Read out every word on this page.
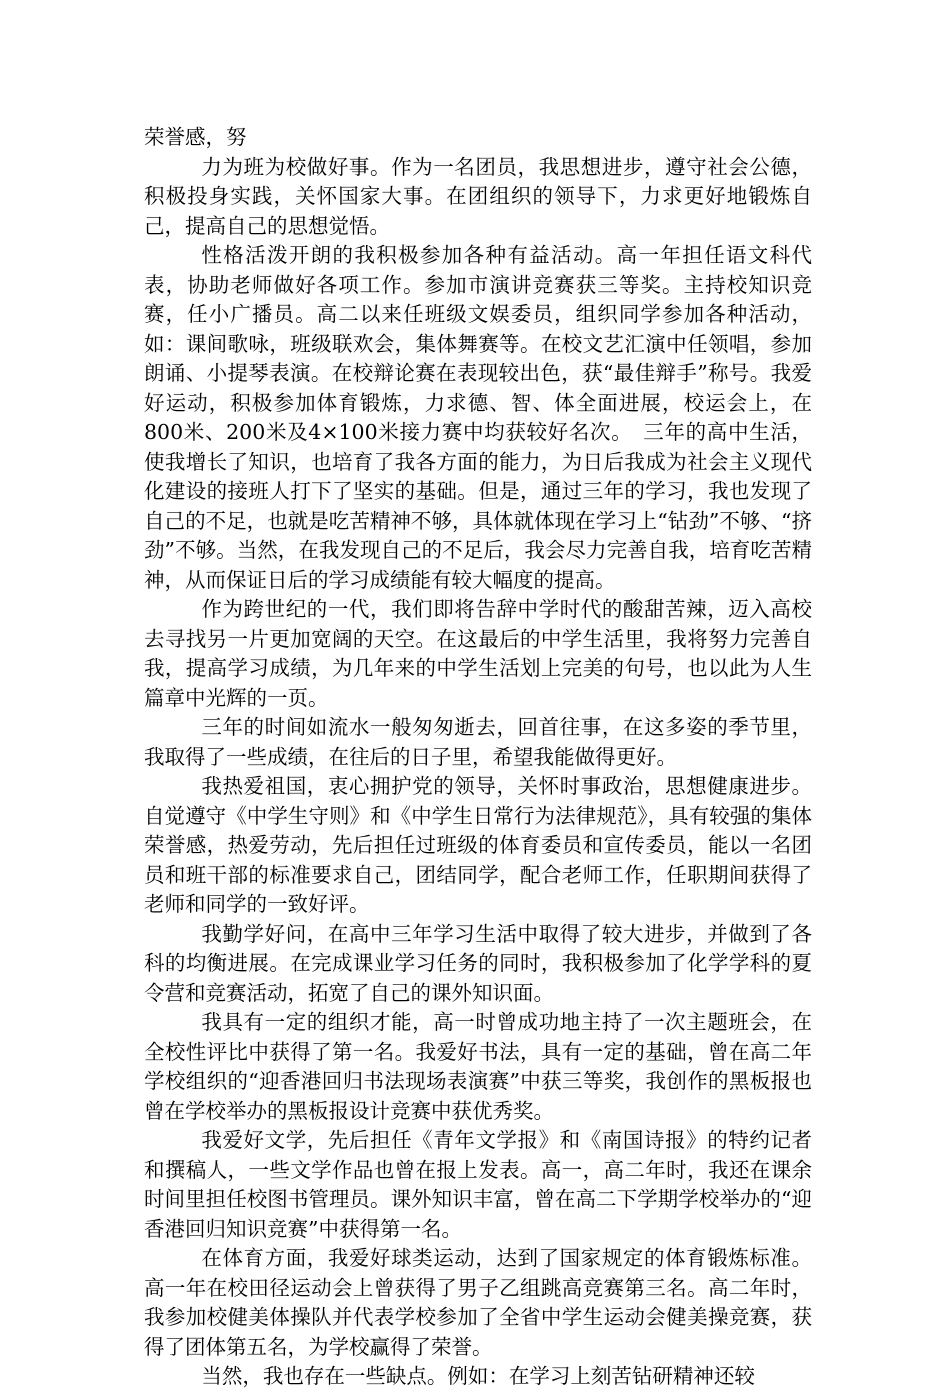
荣誉感，努

力为班为校做好事。作为一名团员，我思想进步，遵守社会公德，积极投身实践，关怀国家大事。在团组织的领导下，力求更好地锻炼自己，提高自己的思想觉悟。

性格活泼开朗的我积极参加各种有益活动。高一年担任语文科代表，协助老师做好各项工作。参加市演讲竞赛获三等奖。主持校知识竞赛，任小广播员。高二以来任班级文娱委员，组织同学参加各种活动，如：课间歌咏，班级联欢会，集体舞赛等。在校文艺汇演中任领唱，参加朗诵、小提琴表演。在校辩论赛在表现较出色，获“最佳辩手”称号。我爱好运动，积极参加体育锻炼，力求德、智、体全面进展，校运会上，在800米、200米及4×100米接力赛中均获较好名次。　三年的高中生活，使我增长了知识，也培育了我各方面的能力，为日后我成为社会主义现代化建设的接班人打下了坚实的基础。但是，通过三年的学习，我也发现了自己的不足，也就是吃苦精神不够，具体就体现在学习上“钻劲”不够、“挤劲”不够。当然，在我发现自己的不足后，我会尽力完善自我，培育吃苦精神，从而保证日后的学习成绩能有较大幅度的提高。

作为跨世纪的一代，我们即将告辞中学时代的酸甜苦辣，迈入高校去寻找另一片更加宽阔的天空。在这最后的中学生活里，我将努力完善自我，提高学习成绩，为几年来的中学生活划上完美的句号，也以此为人生篇章中光辉的一页。

三年的时间如流水一般匆匆逝去，回首往事，在这多姿的季节里，我取得了一些成绩，在往后的日子里，希望我能做得更好。

我热爱祖国，衷心拥护党的领导，关怀时事政治，思想健康进步。自觉遵守《中学生守则》和《中学生日常行为法律规范》，具有较强的集体荣誉感，热爱劳动，先后担任过班级的体育委员和宣传委员，能以一名团员和班干部的标准要求自己，团结同学，配合老师工作，任职期间获得了老师和同学的一致好评。

我勤学好问，在高中三年学习生活中取得了较大进步，并做到了各科的均衡进展。在完成课业学习任务的同时，我积极参加了化学学科的夏令营和竞赛活动，拓宽了自己的课外知识面。

我具有一定的组织才能，高一时曾成功地主持了一次主题班会，在全校性评比中获得了第一名。我爱好书法，具有一定的基础，曾在高二年学校组织的“迎香港回归书法现场表演赛”中获三等奖，我创作的黑板报也曾在学校举办的黑板报设计竞赛中获优秀奖。

我爱好文学，先后担任《青年文学报》和《南国诗报》的特约记者和撰稿人，一些文学作品也曾在报上发表。高一，高二年时，我还在课余时间里担任校图书管理员。课外知识丰富，曾在高二下学期学校举办的“迎香港回归知识竞赛”中获得第一名。

在体育方面，我爱好球类运动，达到了国家规定的体育锻炼标准。高一年在校田径运动会上曾获得了男子乙组跳高竞赛第三名。高二年时，我参加校健美体操队并代表学校参加了全省中学生运动会健美操竞赛，获得了团体第五名，为学校赢得了荣誉。

当然，我也存在一些缺点。例如：在学习上刻苦钻研精神还较
